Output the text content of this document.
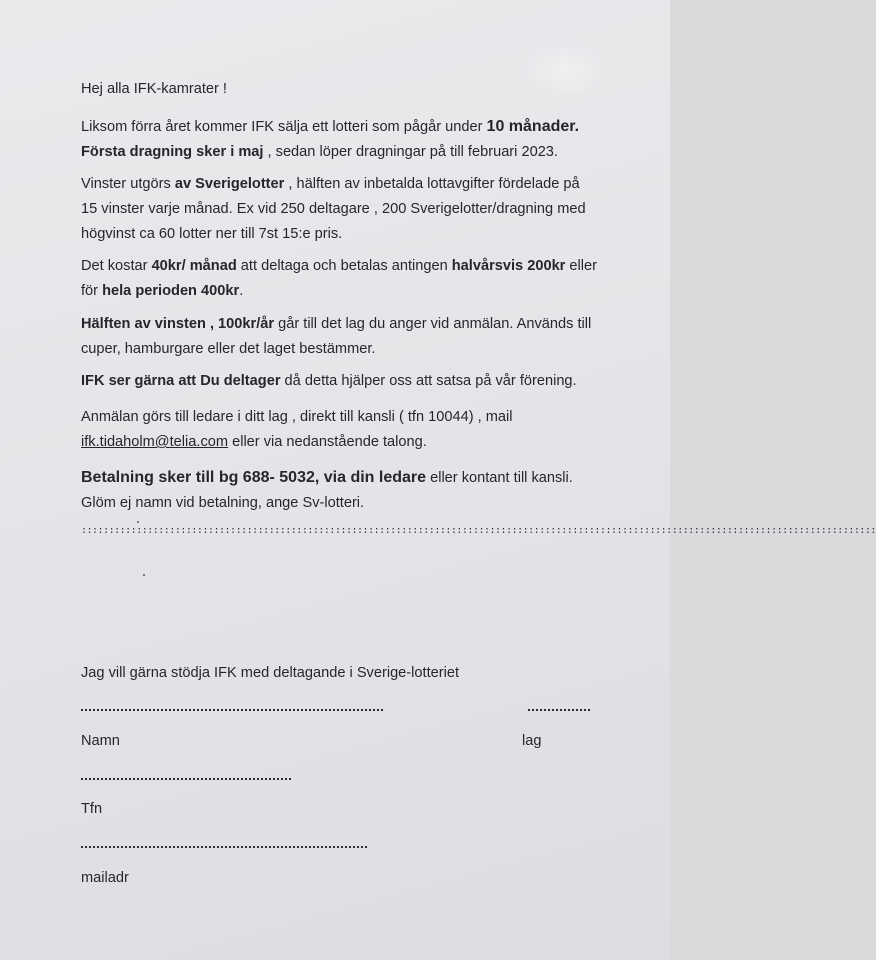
Hej alla IFK-kamrater !

Liksom förra året kommer IFK sälja ett lotteri som pågår under 10 månader.
Första dragning sker i maj , sedan löper dragningar på till februari 2023.

Vinster utgörs av Sverigelotter , hälften av inbetalda lottavgifter fördelade på
15 vinster varje månad. Ex vid 250 deltagare , 200 Sverigelotter/dragning med
högvinst ca 60 lotter ner till 7st 15:e pris.

Det kostar 40kr/ månad att deltaga och betalas antingen halvårsvis 200kr eller
för hela perioden 400kr.

Hälften av vinsten , 100kr/år går till det lag du anger vid anmälan. Används till
cuper, hamburgare eller det laget bestämmer.

IFK ser gärna att Du deltager då detta hjälper oss att satsa på vår förening.

Anmälan görs till ledare i ditt lag , direkt till kansli ( tfn 10044) , mail
ifk.tidaholm@telia.com eller via nedanstående talong.

Betalning sker till bg 688- 5032, via din ledare eller kontant till kansli.
Glöm ej namn vid betalning, ange Sv-lotteri.

::::::::::::::::::::::::::::::::::::::::::::::::::::::::::::::::::::::::::::::::::::::::::::::::::::::::::::::::::::::::::::::::::::::::::::::::

Jag vill gärna stödja IFK med deltagande i Sverige-lotteriet

Namn	lag

Tfn

mailadr
